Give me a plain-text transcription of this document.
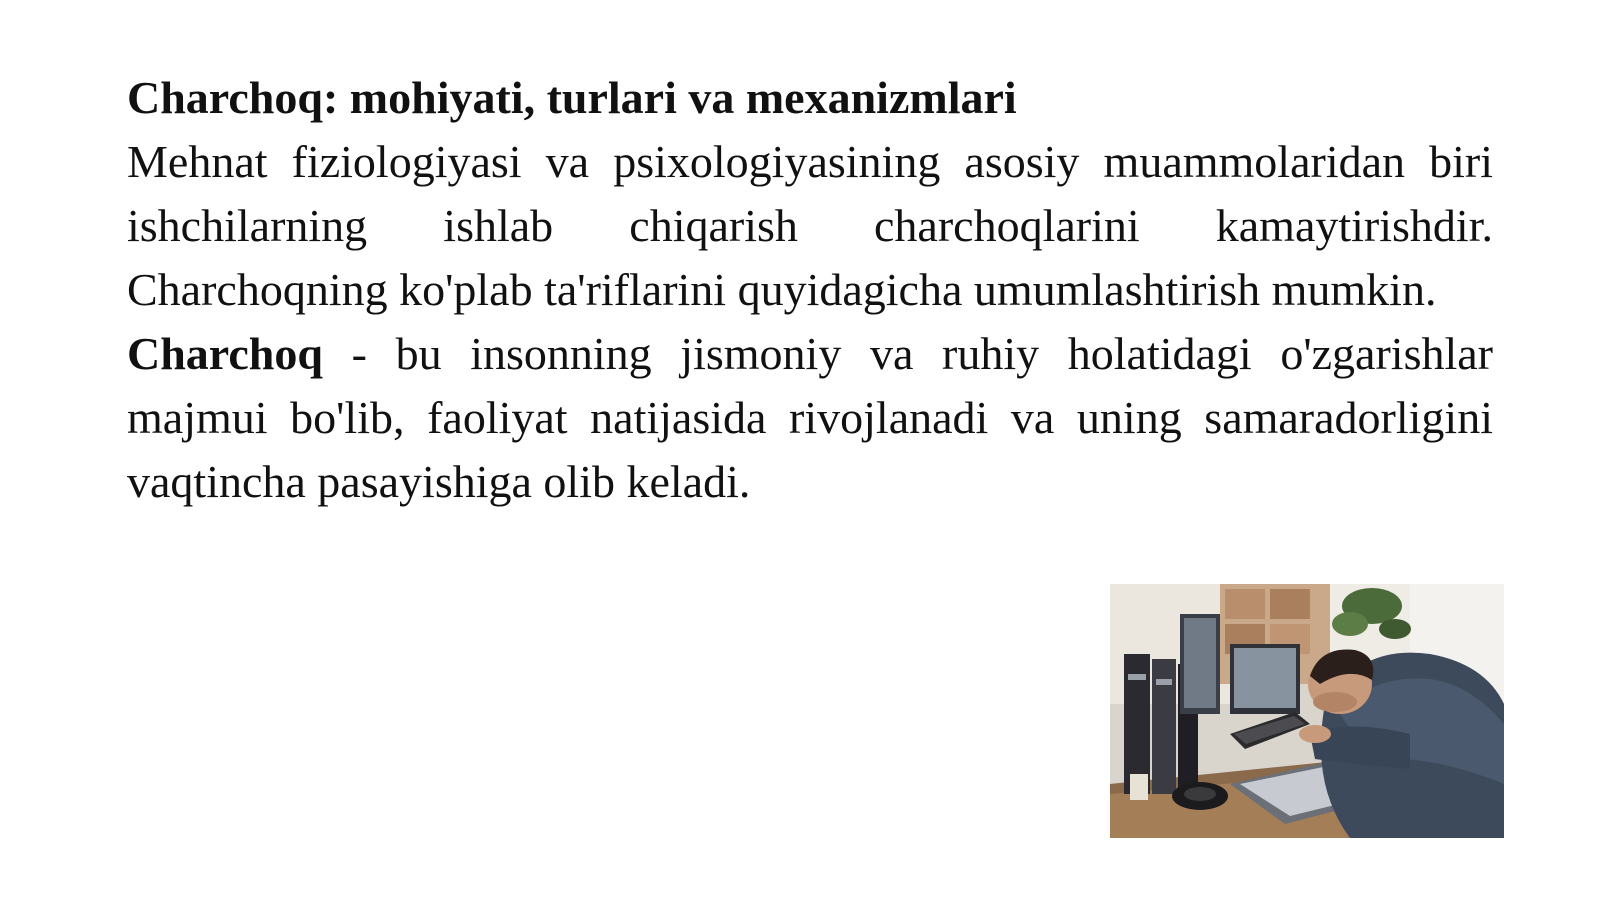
Charchoq: mohiyati, turlari va mexanizmlari

Mehnat fiziologiyasi va psixologiyasining asosiy muammolaridan biri ishchilarning ishlab chiqarish charchoqlarini kamaytirishdir. Charchoqning ko'plab ta'riflarini quyidagicha umumlashtirish mumkin.

Charchoq - bu insonning jismoniy va ruhiy holatidagi o'zgarishlar majmui bo'lib, faoliyat natijasida rivojlanadi va uning samaradorligini vaqtincha pasayishiga olib keladi.
